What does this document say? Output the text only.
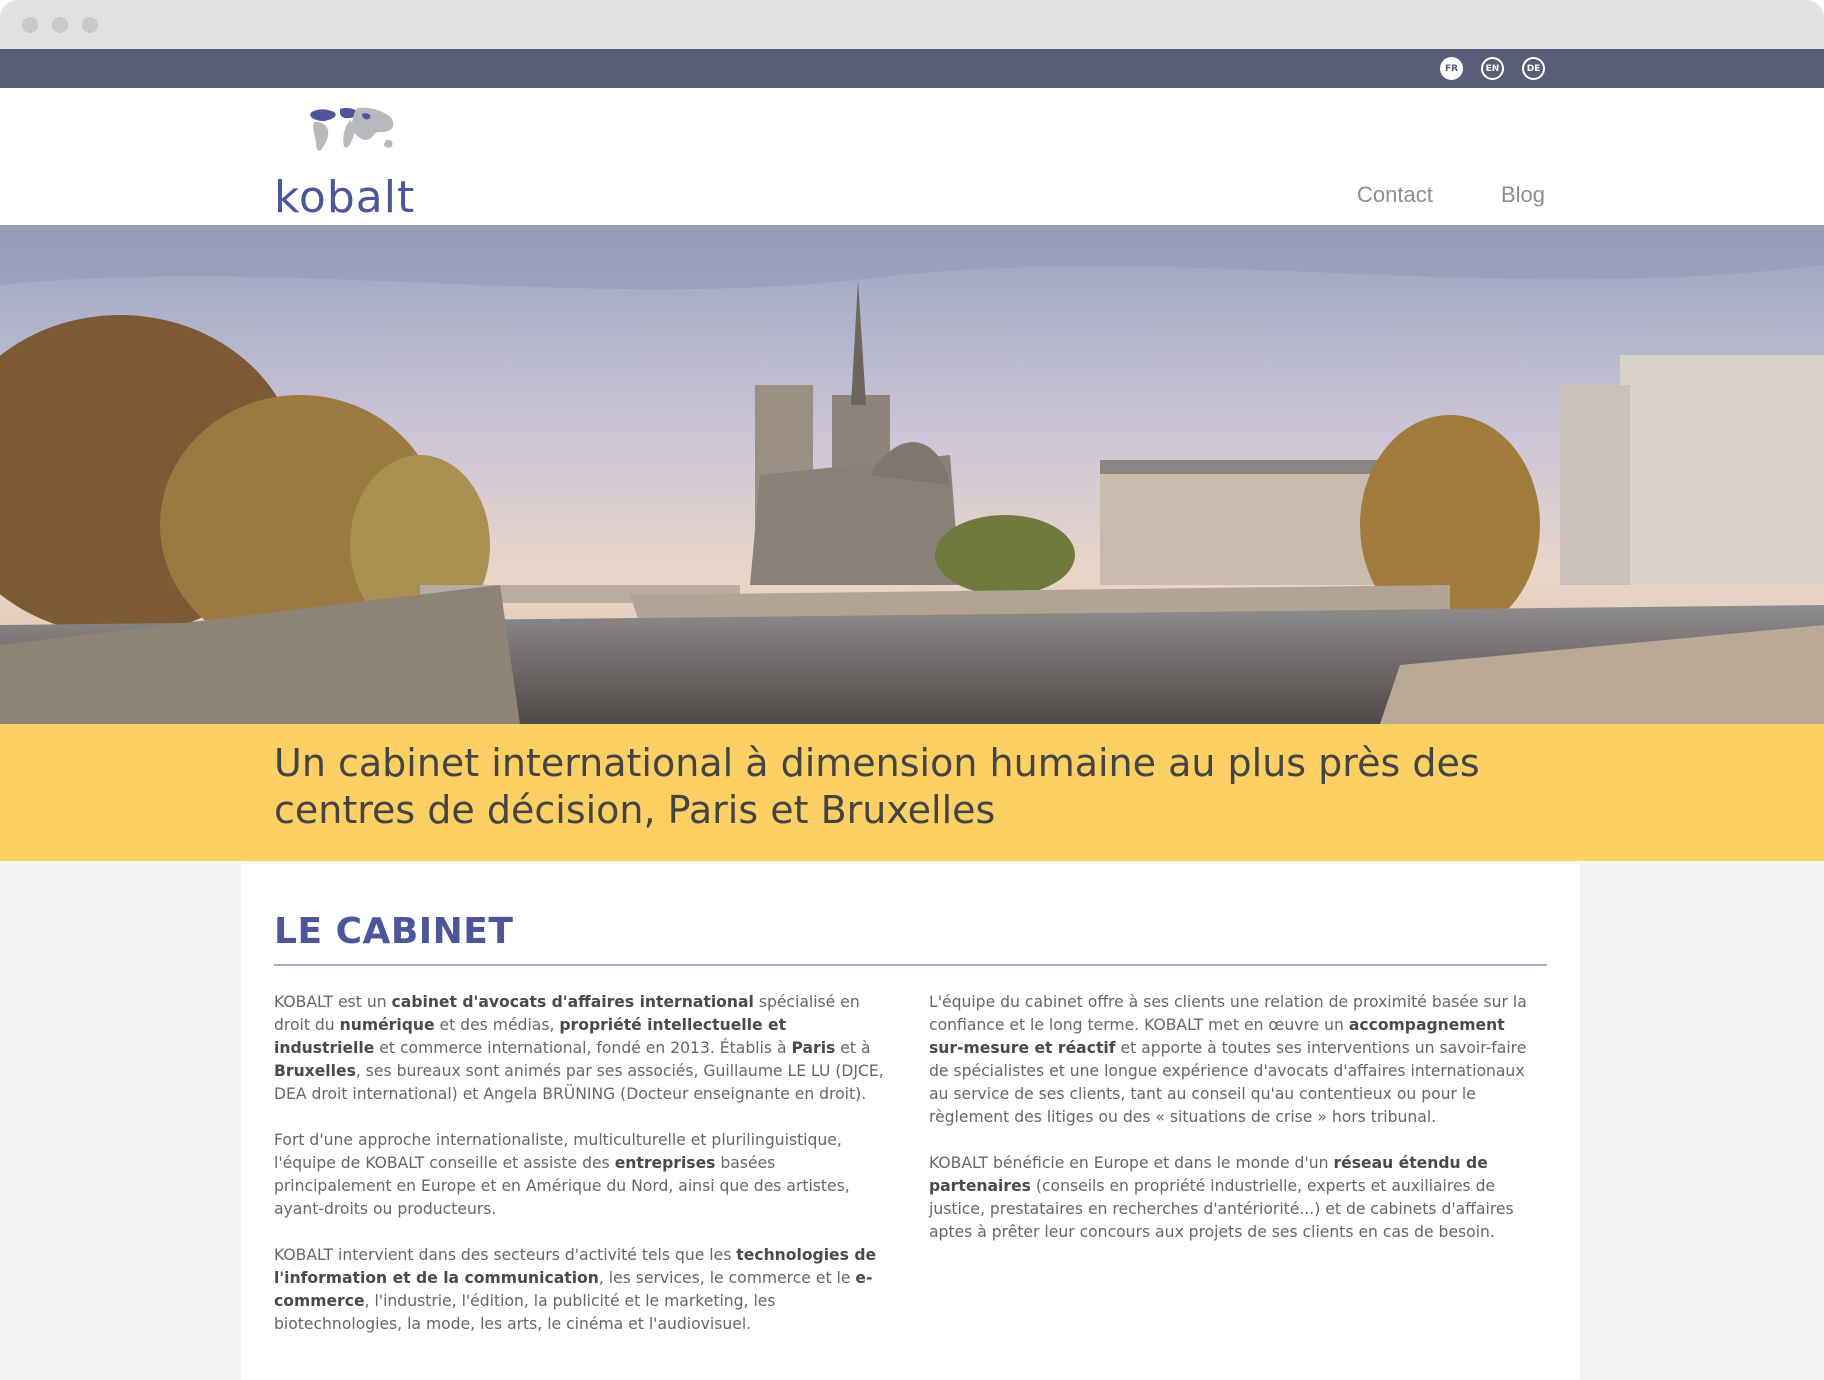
FR	EN	DE
kobalt	Contact	Blog
Un cabinet international à dimension humaine au plus près des centres de décision, Paris et Bruxelles
LE CABINET

KOBALT est un cabinet d'avocats d'affaires international spécialisé en droit du numérique et des médias, propriété intellectuelle et industrielle et commerce international, fondé en 2013. Établis à Paris et à Bruxelles, ses bureaux sont animés par ses associés, Guillaume LE LU (DJCE, DEA droit international) et Angela BRÜNING (Docteur enseignante en droit).

Fort d'une approche internationaliste, multiculturelle et plurilinguistique, l'équipe de KOBALT conseille et assiste des entreprises basées principalement en Europe et en Amérique du Nord, ainsi que des artistes, ayant-droits ou producteurs.

KOBALT intervient dans des secteurs d'activité tels que les technologies de l'information et de la communication, les services, le commerce et le e-commerce, l'industrie, l'édition, la publicité et le marketing, les biotechnologies, la mode, les arts, le cinéma et l'audiovisuel.

L'équipe du cabinet offre à ses clients une relation de proximité basée sur la confiance et le long terme. KOBALT met en œuvre un accompagnement sur-mesure et réactif et apporte à toutes ses interventions un savoir-faire de spécialistes et une longue expérience d'avocats d'affaires internationaux au service de ses clients, tant au conseil qu'au contentieux ou pour le règlement des litiges ou des « situations de crise » hors tribunal.

KOBALT bénéficie en Europe et dans le monde d'un réseau étendu de partenaires (conseils en propriété industrielle, experts et auxiliaires de justice, prestataires en recherches d'antériorité...) et de cabinets d'affaires aptes à prêter leur concours aux projets de ses clients en cas de besoin.
